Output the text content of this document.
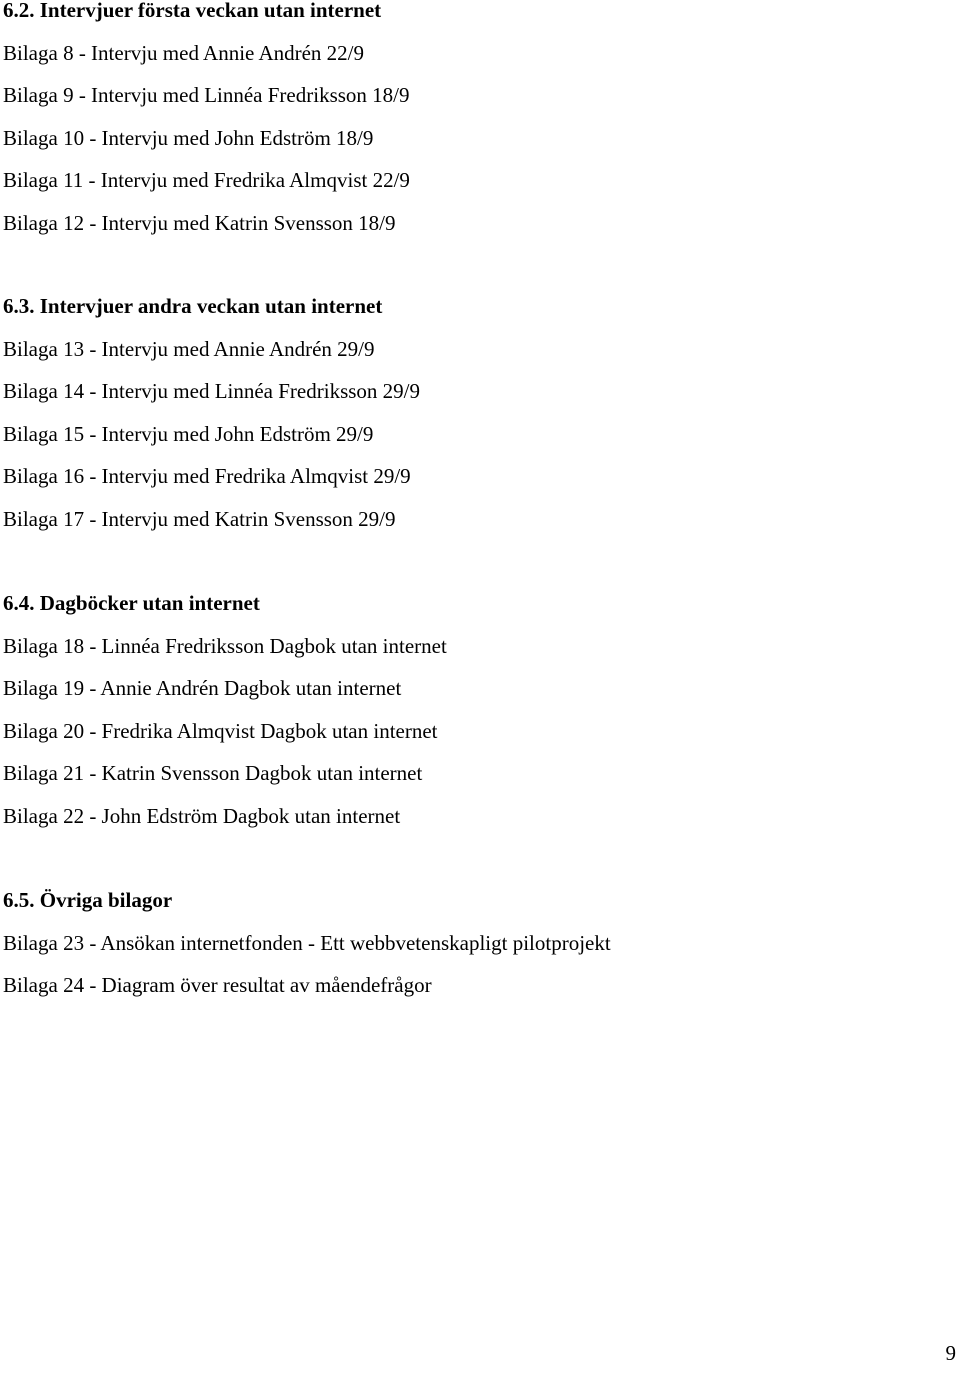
6.2. Intervjuer första veckan utan internet
Bilaga 8 - Intervju med Annie Andrén 22/9
Bilaga 9 - Intervju med Linnéa Fredriksson 18/9
Bilaga 10 - Intervju med John Edström 18/9
Bilaga 11 - Intervju med Fredrika Almqvist 22/9
Bilaga 12 - Intervju med Katrin Svensson 18/9
6.3. Intervjuer andra veckan utan internet
Bilaga 13 - Intervju med Annie Andrén 29/9
Bilaga 14 - Intervju med Linnéa Fredriksson 29/9
Bilaga 15 - Intervju med John Edström 29/9
Bilaga 16 - Intervju med Fredrika Almqvist 29/9
Bilaga 17 - Intervju med Katrin Svensson 29/9
6.4. Dagböcker utan internet
Bilaga 18 - Linnéa Fredriksson Dagbok utan internet
Bilaga 19 - Annie Andrén Dagbok utan internet
Bilaga 20 - Fredrika Almqvist Dagbok utan internet
Bilaga 21 - Katrin Svensson Dagbok utan internet
Bilaga 22 - John Edström Dagbok utan internet
6.5. Övriga bilagor
Bilaga 23 - Ansökan internetfonden - Ett webbvetenskapligt pilotprojekt
Bilaga 24 - Diagram över resultat av måendefrågor
9
